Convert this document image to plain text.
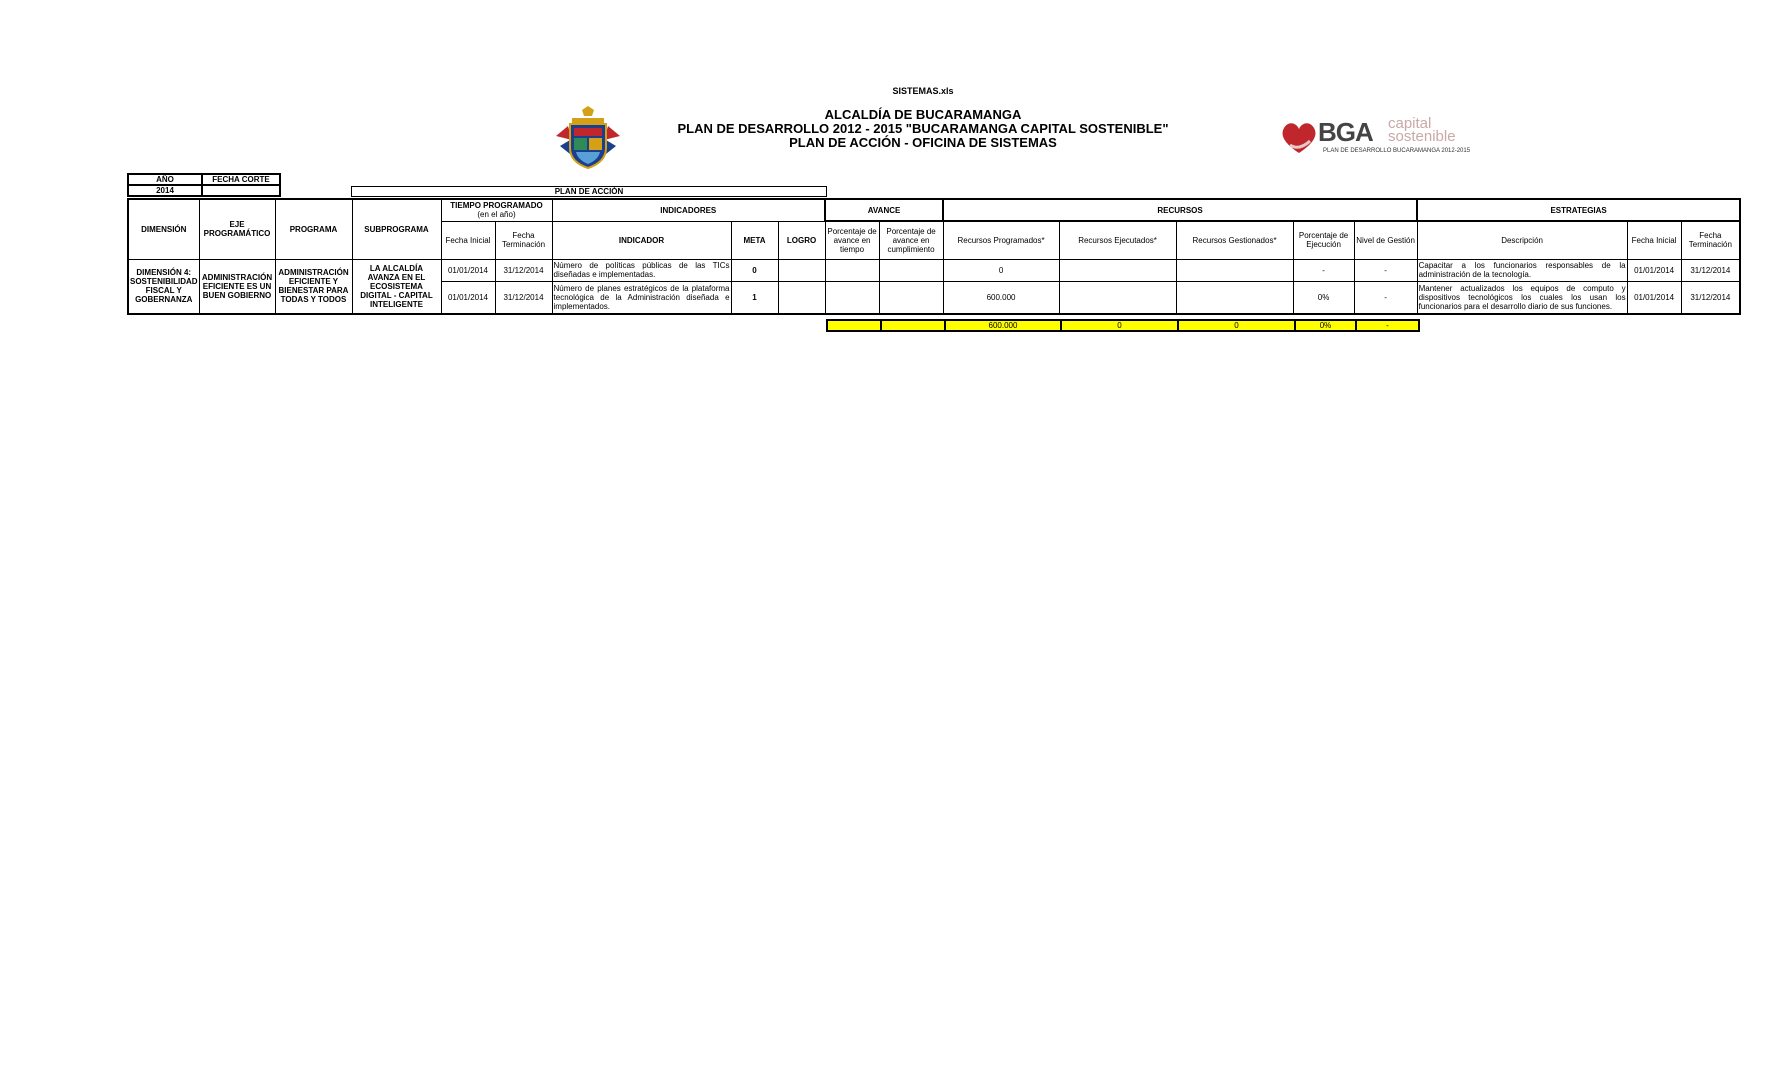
SISTEMAS.xls
ALCALDÍA DE BUCARAMANGA
PLAN DE DESARROLLO 2012 - 2015 "BUCARAMANGA CAPITAL SOSTENIBLE"
PLAN DE ACCIÓN - OFICINA DE SISTEMAS	BGA capital
sostenible
PLAN DE DESARROLLO BUCARAMANGA 2012-2015
AÑO	FECHA CORTE
2014		PLAN DE ACCIÓN
DIMENSIÓN	EJE PROGRAMÁTICO	PROGRAMA	SUBPROGRAMA	TIEMPO PROGRAMADO
(en el año)		INDICADORES			AVANCE		RECURSOS					ESTRATEGIAS		
				Fecha Inicial	Fecha Terminación	INDICADOR	META	LOGRO	Porcentaje de avance en tiempo	Porcentaje de avance en cumplimiento	Recursos Programados*	Recursos Ejecutados*	Recursos Gestionados*	Porcentaje de Ejecución	Nivel de Gestión	Descripción	Fecha Inicial	Fecha Terminación
DIMENSIÓN 4: SOSTENIBILIDAD FISCAL Y GOBERNANZA	ADMINISTRACIÓN EFICIENTE ES UN BUEN GOBIERNO	ADMINISTRACIÓN EFICIENTE Y BIENESTAR PARA TODAS Y TODOS	LA ALCALDÍA AVANZA EN EL ECOSISTEMA DIGITAL - CAPITAL INTELIGENTE	01/01/2014	31/12/2014	Número de políticas públicas de las TICs diseñadas e implementadas.	0				0			-	-	Capacitar a los funcionarios responsables de la administración de la tecnología.	01/01/2014	31/12/2014
				01/01/2014	31/12/2014	Número de planes estratégicos de la plataforma tecnológica de la Administración diseñada e implementados.	1				600.000			0%	-	Mantener actualizados los equipos de computo y dispositivos tecnológicos los cuales los usan los funcionarios para el desarrollo diario de sus funciones.	01/01/2014	31/12/2014
		600.000	0	0	0%	-
